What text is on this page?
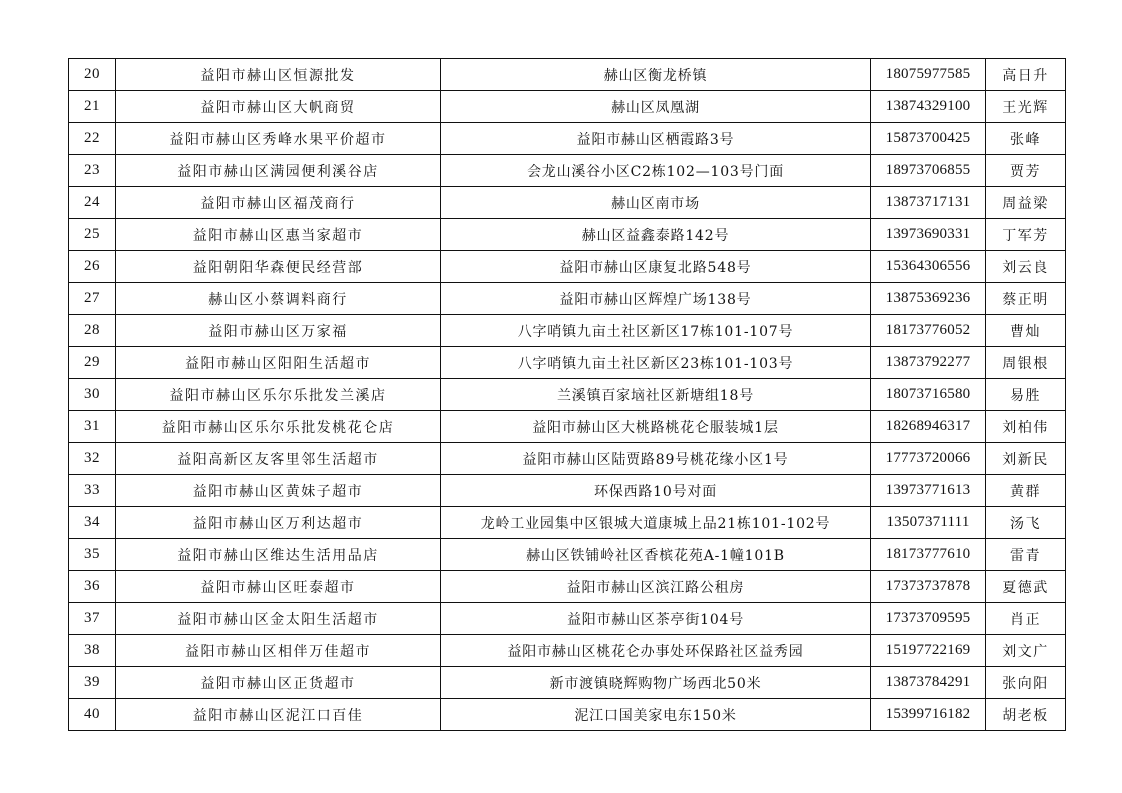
20	益阳市赫山区恒源批发	赫山区衡龙桥镇	18075977585	高日升
21	益阳市赫山区大帆商贸	赫山区凤凰湖	13874329100	王光辉
22	益阳市赫山区秀峰水果平价超市	益阳市赫山区栖霞路3号	15873700425	张峰
23	益阳市赫山区满园便利溪谷店	会龙山溪谷小区C2栋102—103号门面	18973706855	贾芳
24	益阳市赫山区福茂商行	赫山区南市场	13873717131	周益梁
25	益阳市赫山区惠当家超市	赫山区益鑫泰路142号	13973690331	丁军芳
26	益阳朝阳华森便民经营部	益阳市赫山区康复北路548号	15364306556	刘云良
27	赫山区小蔡调料商行	益阳市赫山区辉煌广场138号	13875369236	蔡正明
28	益阳市赫山区万家福	八字哨镇九亩土社区新区17栋101-107号	18173776052	曹灿
29	益阳市赫山区阳阳生活超市	八字哨镇九亩土社区新区23栋101-103号	13873792277	周银根
30	益阳市赫山区乐尔乐批发兰溪店	兰溪镇百家垴社区新塘组18号	18073716580	易胜
31	益阳市赫山区乐尔乐批发桃花仑店	益阳市赫山区大桃路桃花仑服装城1层	18268946317	刘柏伟
32	益阳高新区友客里邻生活超市	益阳市赫山区陆贾路89号桃花缘小区1号	17773720066	刘新民
33	益阳市赫山区黄妹子超市	环保西路10号对面	13973771613	黄群
34	益阳市赫山区万利达超市	龙岭工业园集中区银城大道康城上品21栋101-102号	13507371111	汤飞
35	益阳市赫山区维达生活用品店	赫山区铁铺岭社区香槟花苑A-1幢101B	18173777610	雷青
36	益阳市赫山区旺泰超市	益阳市赫山区滨江路公租房	17373737878	夏德武
37	益阳市赫山区金太阳生活超市	益阳市赫山区茶亭街104号	17373709595	肖正
38	益阳市赫山区相伴万佳超市	益阳市赫山区桃花仑办事处环保路社区益秀园	15197722169	刘文广
39	益阳市赫山区正货超市	新市渡镇晓辉购物广场西北50米	13873784291	张向阳
40	益阳市赫山区泥江口百佳	泥江口国美家电东150米	15399716182	胡老板
